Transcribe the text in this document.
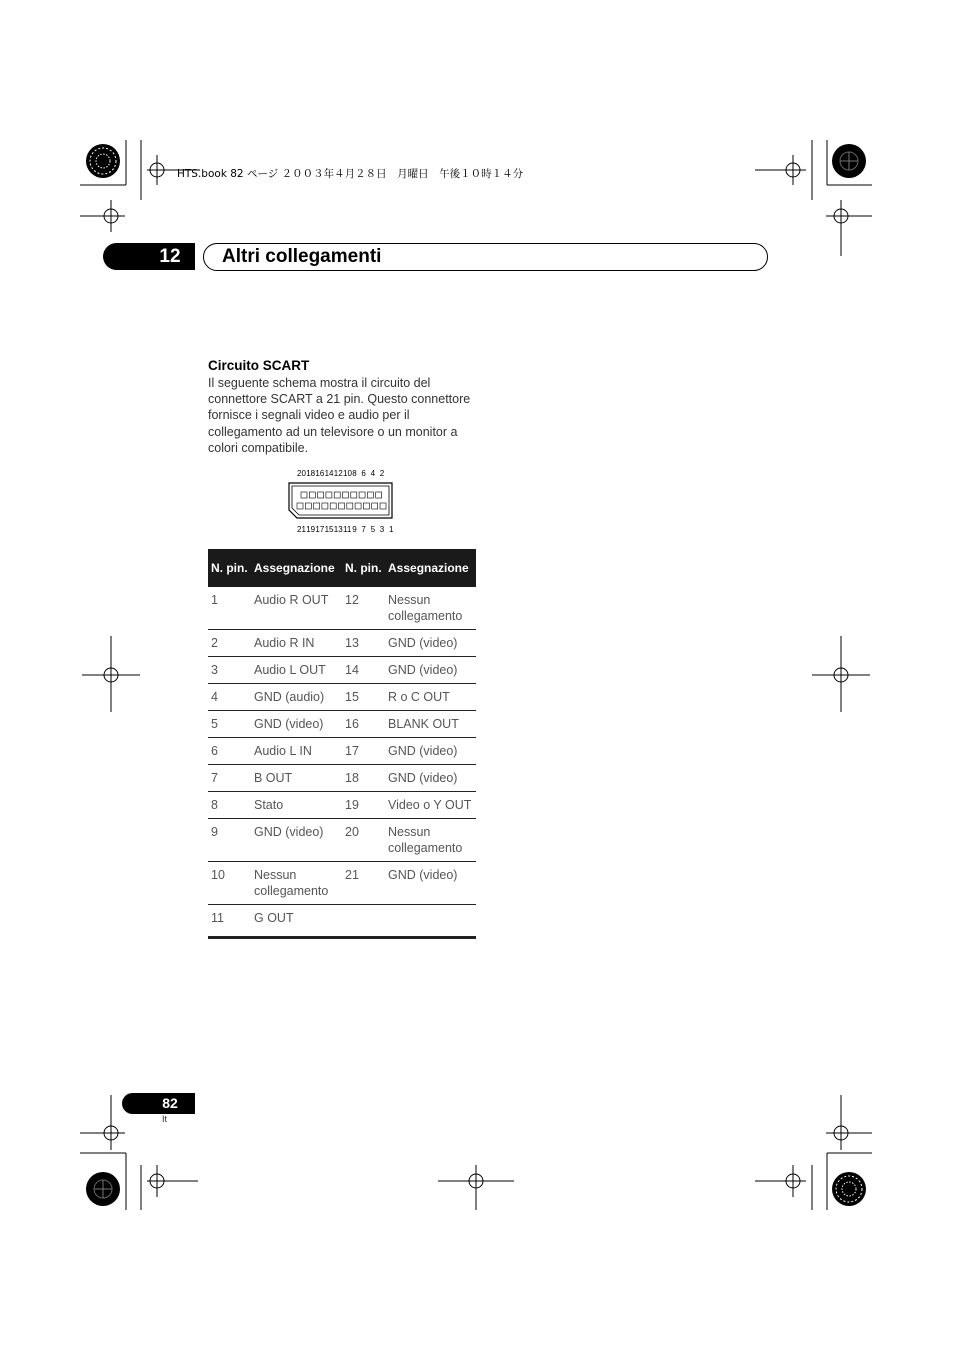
HTS.book 82 ページ ２００３年４月２８日　月曜日　午後１０時１４分
12	Altri collegamenti
Circuito SCART
Il seguente schema mostra il circuito del connettore SCART a 21 pin. Questo connettore fornisce i segnali video e audio per il collegamento ad un televisore o un monitor a colori compatibile.
20 18 16 14 12 10 8 6 4 2
21 19 17 15 13 11 9 7 5 3 1
N. pin.	Assegnazione	N. pin.	Assegnazione
1	Audio R OUT	12	Nessun collegamento
2	Audio R IN	13	GND (video)
3	Audio L OUT	14	GND (video)
4	GND (audio)	15	R o C OUT
5	GND (video)	16	BLANK OUT
6	Audio L IN	17	GND (video)
7	B OUT	18	GND (video)
8	Stato	19	Video o Y OUT
9	GND (video)	20	Nessun collegamento
10	Nessun collegamento	21	GND (video)
11	G OUT		
82
It
